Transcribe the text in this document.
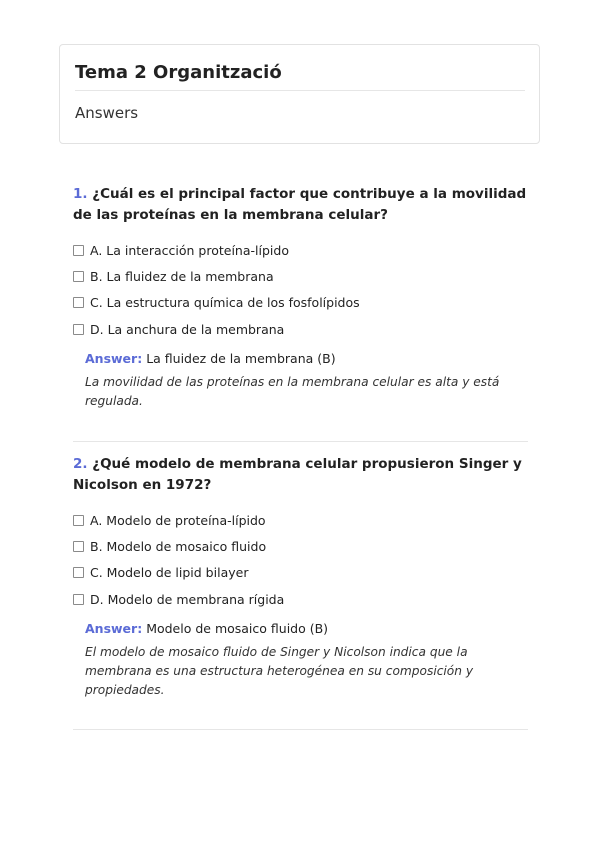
Tema 2 Organització
Answers

1. ¿Cuál es el principal factor que contribuye a la movilidad de las proteínas en la membrana celular?

A. La interacción proteína-lípido
B. La fluidez de la membrana
C. La estructura química de los fosfolípidos
D. La anchura de la membrana
Answer: La fluidez de la membrana (B)
La movilidad de las proteínas en la membrana celular es alta y está regulada.

2. ¿Qué modelo de membrana celular propusieron Singer y Nicolson en 1972?

A. Modelo de proteína-lípido
B. Modelo de mosaico fluido
C. Modelo de lipid bilayer
D. Modelo de membrana rígida
Answer: Modelo de mosaico fluido (B)
El modelo de mosaico fluido de Singer y Nicolson indica que la membrana es una estructura heterogénea en su composición y propiedades.
